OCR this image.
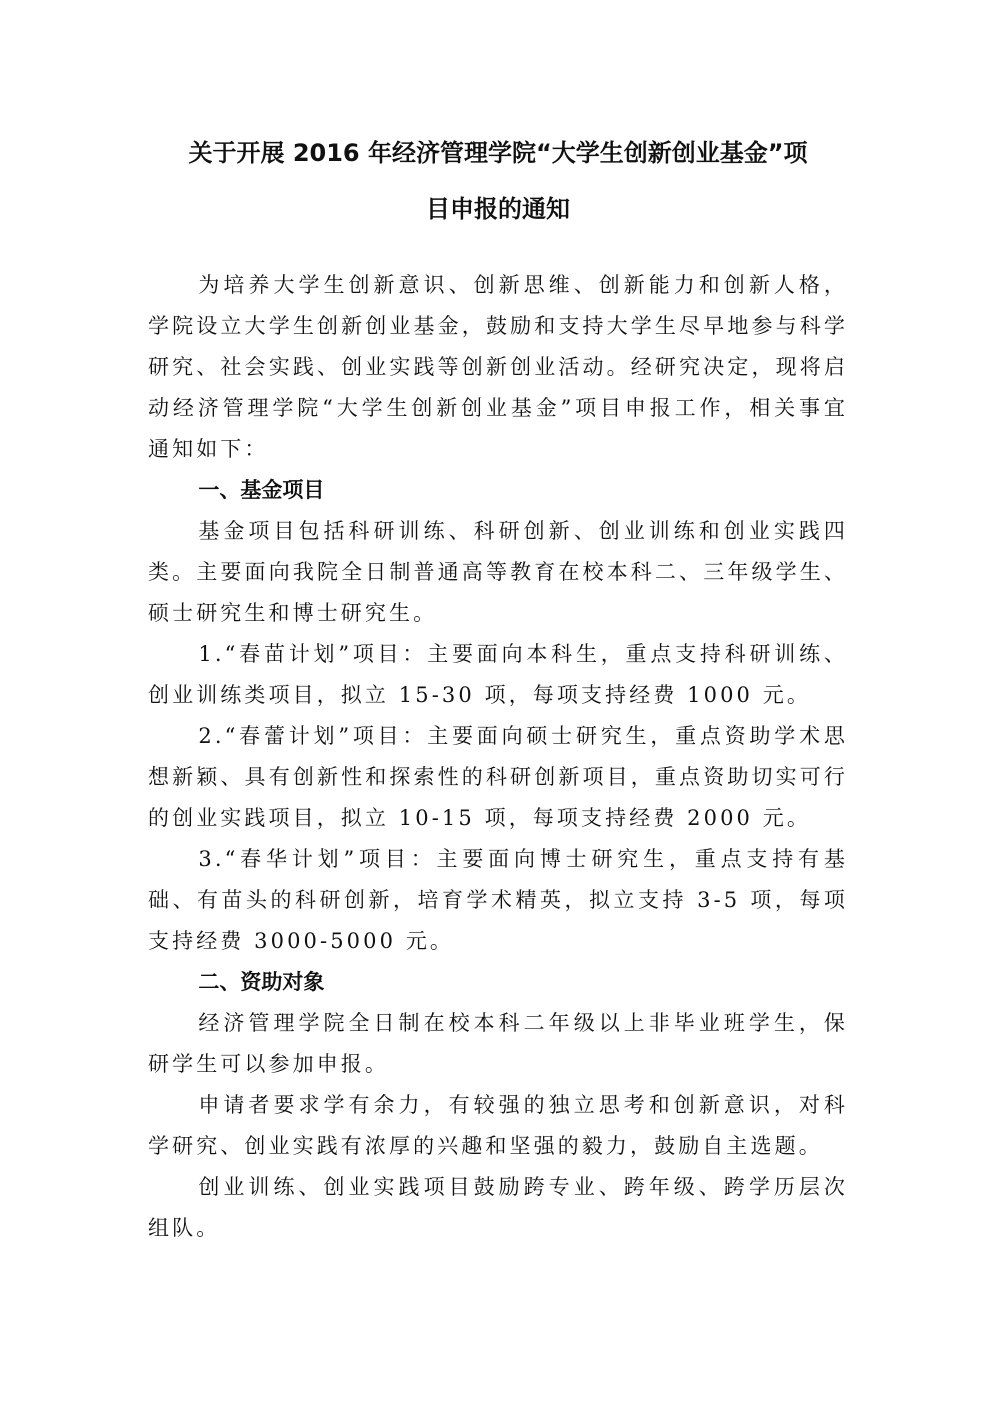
关于开展 2016 年经济管理学院“大学生创新创业基金”项
目申报的通知

为培养大学生创新意识、创新思维、创新能力和创新人格，学院设立大学生创新创业基金，鼓励和支持大学生尽早地参与科学研究、社会实践、创业实践等创新创业活动。经研究决定，现将启动经济管理学院“大学生创新创业基金”项目申报工作，相关事宜通知如下：

一、基金项目

基金项目包括科研训练、科研创新、创业训练和创业实践四类。主要面向我院全日制普通高等教育在校本科二、三年级学生、硕士研究生和博士研究生。

1.“春苗计划”项目：主要面向本科生，重点支持科研训练、创业训练类项目，拟立 15-30 项，每项支持经费 1000 元。

2.“春蕾计划”项目：主要面向硕士研究生，重点资助学术思想新颖、具有创新性和探索性的科研创新项目，重点资助切实可行的创业实践项目，拟立 10-15 项，每项支持经费 2000 元。

3.“春华计划”项目：主要面向博士研究生，重点支持有基础、有苗头的科研创新，培育学术精英，拟立支持 3-5 项，每项支持经费 3000-5000 元。

二、资助对象

经济管理学院全日制在校本科二年级以上非毕业班学生，保研学生可以参加申报。

申请者要求学有余力，有较强的独立思考和创新意识，对科学研究、创业实践有浓厚的兴趣和坚强的毅力，鼓励自主选题。

创业训练、创业实践项目鼓励跨专业、跨年级、跨学历层次组队。
